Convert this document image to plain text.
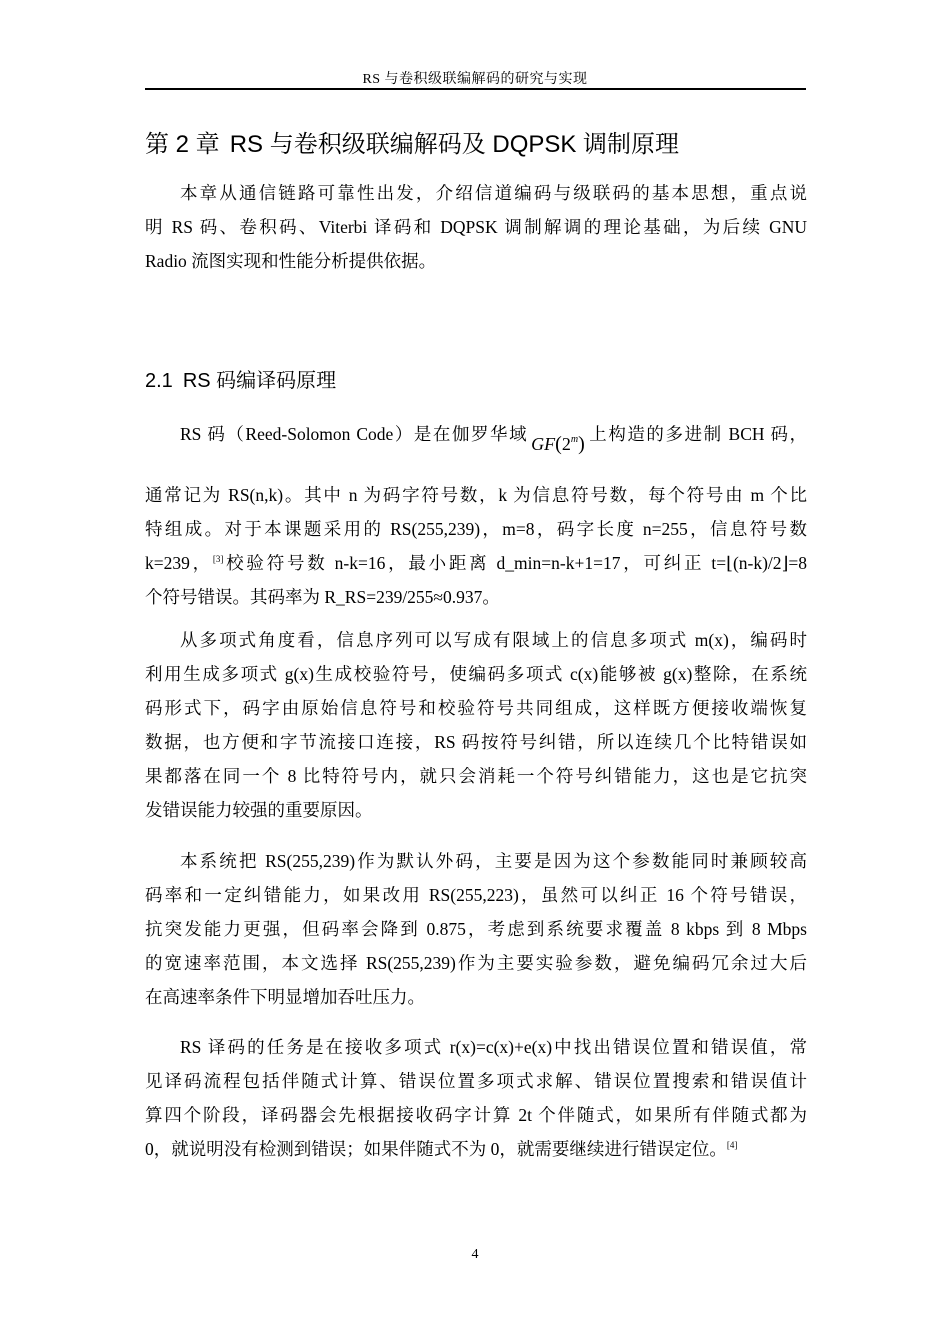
RS 与卷积级联编解码的研究与实现
第 2 章 RS 与卷积级联编解码及 DQPSK 调制原理
本章从通信链路可靠性出发，介绍信道编码与级联码的基本思想，重点说
明 RS 码、卷积码、Viterbi 译码和 DQPSK 调制解调的理论基础，为后续 GNU
Radio 流图实现和性能分析提供依据。
2.1 RS 码编译码原理
RS 码（Reed-Solomon Code）是在伽罗华域 GF(2$^m$) 上构造的多进制 BCH 码，
通常记为 RS(n,k)。其中 n 为码字符号数，k 为信息符号数，每个符号由 m 个比
特组成。对于本课题采用的 RS(255,239)，m=8，码字长度 n=255，信息符号数
k=239，[3]校验符号数 n-k=16，最小距离 d_min=n-k+1=17，可纠正 t=⌊(n-k)/2⌋=8
个符号错误。其码率为 R_RS=239/255≈0.937。
从多项式角度看，信息序列可以写成有限域上的信息多项式 m(x)，编码时
利用生成多项式 g(x)生成校验符号，使编码多项式 c(x)能够被 g(x)整除，在系统
码形式下，码字由原始信息符号和校验符号共同组成，这样既方便接收端恢复
数据，也方便和字节流接口连接，RS 码按符号纠错，所以连续几个比特错误如
果都落在同一个 8 比特符号内，就只会消耗一个符号纠错能力，这也是它抗突
发错误能力较强的重要原因。
本系统把 RS(255,239)作为默认外码，主要是因为这个参数能同时兼顾较高
码率和一定纠错能力，如果改用 RS(255,223)，虽然可以纠正 16 个符号错误，
抗突发能力更强，但码率会降到 0.875，考虑到系统要求覆盖 8 kbps 到 8 Mbps
的宽速率范围，本文选择 RS(255,239)作为主要实验参数，避免编码冗余过大后
在高速率条件下明显增加吞吐压力。
RS 译码的任务是在接收多项式 r(x)=c(x)+e(x)中找出错误位置和错误值，常
见译码流程包括伴随式计算、错误位置多项式求解、错误位置搜索和错误值计
算四个阶段，译码器会先根据接收码字计算 2t 个伴随式，如果所有伴随式都为
0，就说明没有检测到错误；如果伴随式不为 0，就需要继续进行错误定位。[4]
4
